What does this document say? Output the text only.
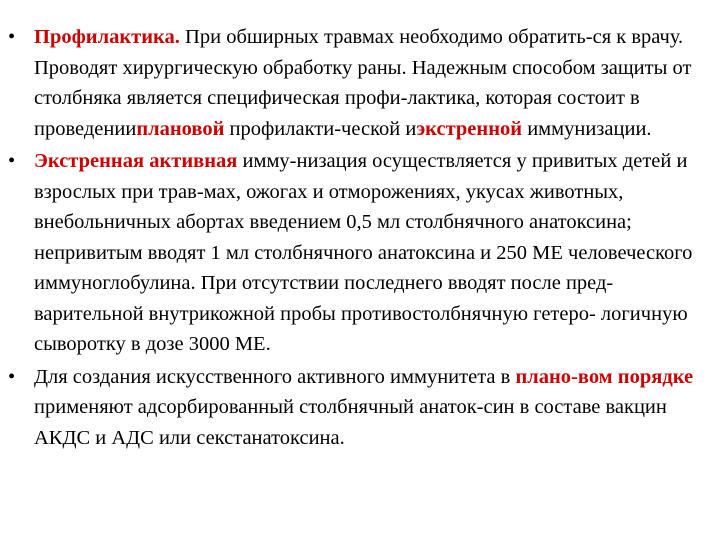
• Профилактика. При обширных травмах необходимо обратить-ся к врачу. Проводят хирургическую обработку раны. Надежным способом защиты от столбняка является специфическая профи-лактика, которая состоит в проведенииплановой профилакти-ческой иэкстренной иммунизации.
• Экстренная активная имму-низация осуществляется у привитых детей и взрослых при трав-мах, ожогах и отморожениях, укусах животных, внебольничных абортах введением 0,5 мл столбнячного анатоксина; непривитым вводят 1 мл столбнячного анатоксина и 250 МЕ человеческого иммуноглобулина. При отсутствии последнего вводят после пред-варительной внутрикожной пробы противостолбнячную гетеро- логичную сыворотку в дозе 3000 МЕ.
• Для создания искусственного активного иммунитета в плано-вом порядке применяют адсорбированный столбнячный анаток-син в составе вакцин АКДС и АДС или секстанатоксина.
